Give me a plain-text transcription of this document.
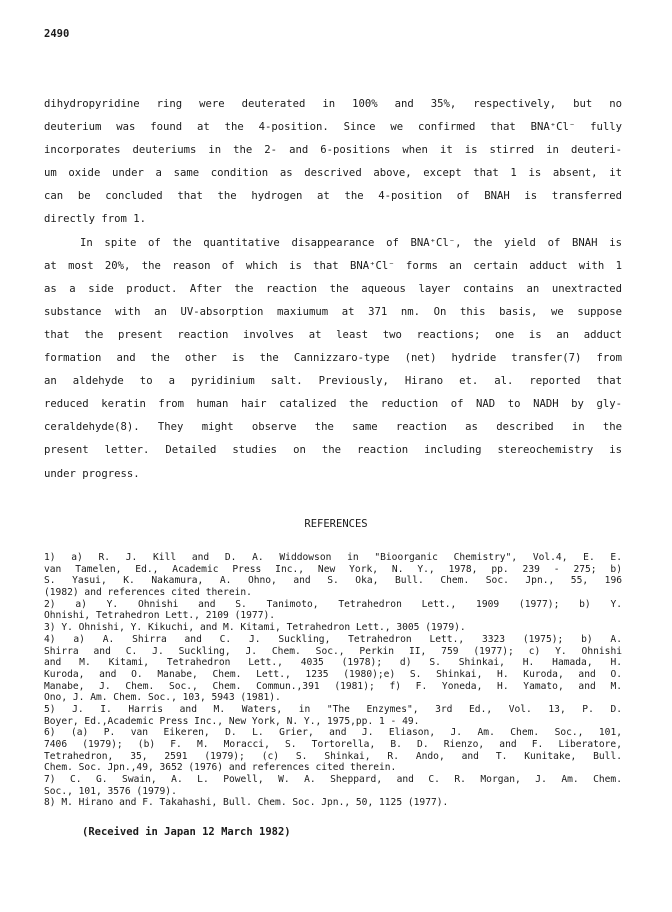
2490
dihydropyridine ring were deuterated in 100% and 35%, respectively, but no
deuterium was found at the 4-position. Since we confirmed that BNA⁺Cl⁻ fully
incorporates deuteriums in the 2- and 6-positions when it is stirred in deuteri-
um oxide under a same condition as descrived above, except that 1 is absent, it
can be concluded that the hydrogen at the 4-position of BNAH is transferred
directly from 1.
In spite of the quantitative disappearance of BNA⁺Cl⁻, the yield of BNAH is
at most 20%, the reason of which is that BNA⁺Cl⁻ forms an certain adduct with 1
as a side product. After the reaction the aqueous layer contains an unextracted
substance with an UV-absorption maxiumum at 371 nm. On this basis, we suppose
that the present reaction involves at least two reactions; one is an adduct
formation and the other is the Cannizzaro-type (net) hydride transfer(7) from
an aldehyde to a pyridinium salt. Previously, Hirano et. al. reported that
reduced keratin from human hair catalized the reduction of NAD to NADH by gly-
ceraldehyde(8). They might observe the same reaction as described in the
present letter. Detailed studies on the reaction including stereochemistry is
under progress.
REFERENCES
1) a) R. J. Kill and D. A. Widdowson in "Bioorganic Chemistry", Vol.4, E. E.
van Tamelen, Ed., Academic Press Inc., New York, N. Y., 1978, pp. 239 - 275; b)
S. Yasui, K. Nakamura, A. Ohno, and S. Oka, Bull. Chem. Soc. Jpn., 55, 196
(1982) and references cited therein.
2) a) Y. Ohnishi and S. Tanimoto, Tetrahedron Lett., 1909 (1977); b) Y.
Ohnishi, Tetrahedron Lett., 2109 (1977).
3) Y. Ohnishi, Y. Kikuchi, and M. Kitami, Tetrahedron Lett., 3005 (1979).
4) a) A. Shirra and C. J. Suckling, Tetrahedron Lett., 3323 (1975); b) A.
Shirra and C. J. Suckling, J. Chem. Soc., Perkin II, 759 (1977); c) Y. Ohnishi
and M. Kitami, Tetrahedron Lett., 4035 (1978); d) S. Shinkai, H. Hamada, H.
Kuroda, and O. Manabe, Chem. Lett., 1235 (1980);e) S. Shinkai, H. Kuroda, and O.
Manabe, J. Chem. Soc., Chem. Commun.,391 (1981); f) F. Yoneda, H. Yamato, and M.
Ono, J. Am. Chem. Soc., 103, 5943 (1981).
5) J. I. Harris and M. Waters, in "The Enzymes", 3rd Ed., Vol. 13, P. D.
Boyer, Ed.,Academic Press Inc., New York, N. Y., 1975,pp. 1 - 49.
6) (a) P. van Eikeren, D. L. Grier, and J. Eliason, J. Am. Chem. Soc., 101,
7406 (1979); (b) F. M. Moracci, S. Tortorella, B. D. Rienzo, and F. Liberatore,
Tetrahedron, 35, 2591 (1979); (c) S. Shinkai, R. Ando, and T. Kunitake, Bull.
Chem. Soc. Jpn.,49, 3652 (1976) and references cited therein.
7) C. G. Swain, A. L. Powell, W. A. Sheppard, and C. R. Morgan, J. Am. Chem.
Soc., 101, 3576 (1979).
8) M. Hirano and F. Takahashi, Bull. Chem. Soc. Jpn., 50, 1125 (1977).
(Received in Japan 12 March 1982)
